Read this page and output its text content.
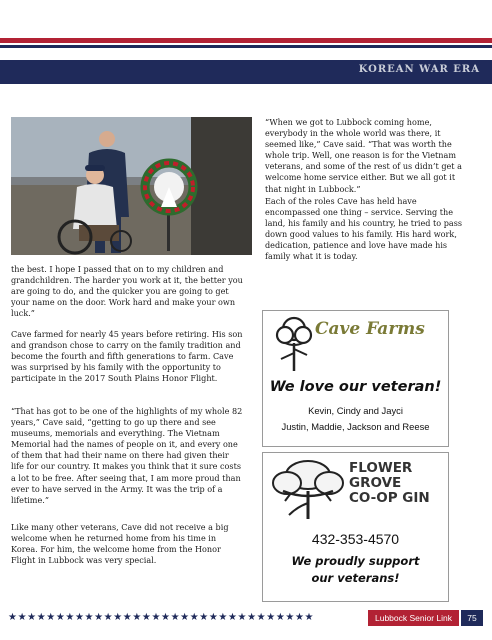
KOREAN WAR ERA

“When we got to Lubbock coming home, everybody in the whole world was there, it seemed like,” Cave said. “That was worth the whole trip. Well, one reason is for the Vietnam veterans, and some of the rest of us didn’t get a welcome home service either. But we all got it that night in Lubbock.”

Each of the roles Cave has held have encompassed one thing – service. Serving the land, his family and his country, he tried to pass down good values to his family. His hard work, dedication, patience and love have made his family what it is today.

the best. I hope I passed that on to my children and grandchildren. The harder you work at it, the better you are going to do, and the quicker you are going to get your name on the door. Work hard and make your own luck.”

Cave farmed for nearly 45 years before retiring. His son and grandson chose to carry on the family tradition and become the fourth and fifth generations to farm. Cave was surprised by his family with the opportunity to participate in the 2017 South Plains Honor Flight.

“That has got to be one of the highlights of my whole 82 years,” Cave said, “getting to go up there and see museums, memorials and everything. The Vietnam Memorial had the names of people on it, and every one of them that had their name on there had given their life for our country. It makes you think that it sure costs a lot to be free. After seeing that, I am more proud than ever to have served in the Army. It was the trip of a lifetime.”

Like many other veterans, Cave did not receive a big welcome when he returned home from his time in Korea. For him, the welcome home from the Honor Flight in Lubbock was very special.

Cave Farms
We love our veteran!
Kevin, Cindy and Jayci
Justin, Maddie, Jackson and Reese
FLOWER GROVE
CO-OP GIN
432-353-4570
We proudly support
our veterans!
★★★★★★★★★★★★★★★★★★★★★★★★★★★★★★★★	Lubbock Senior Link	75
